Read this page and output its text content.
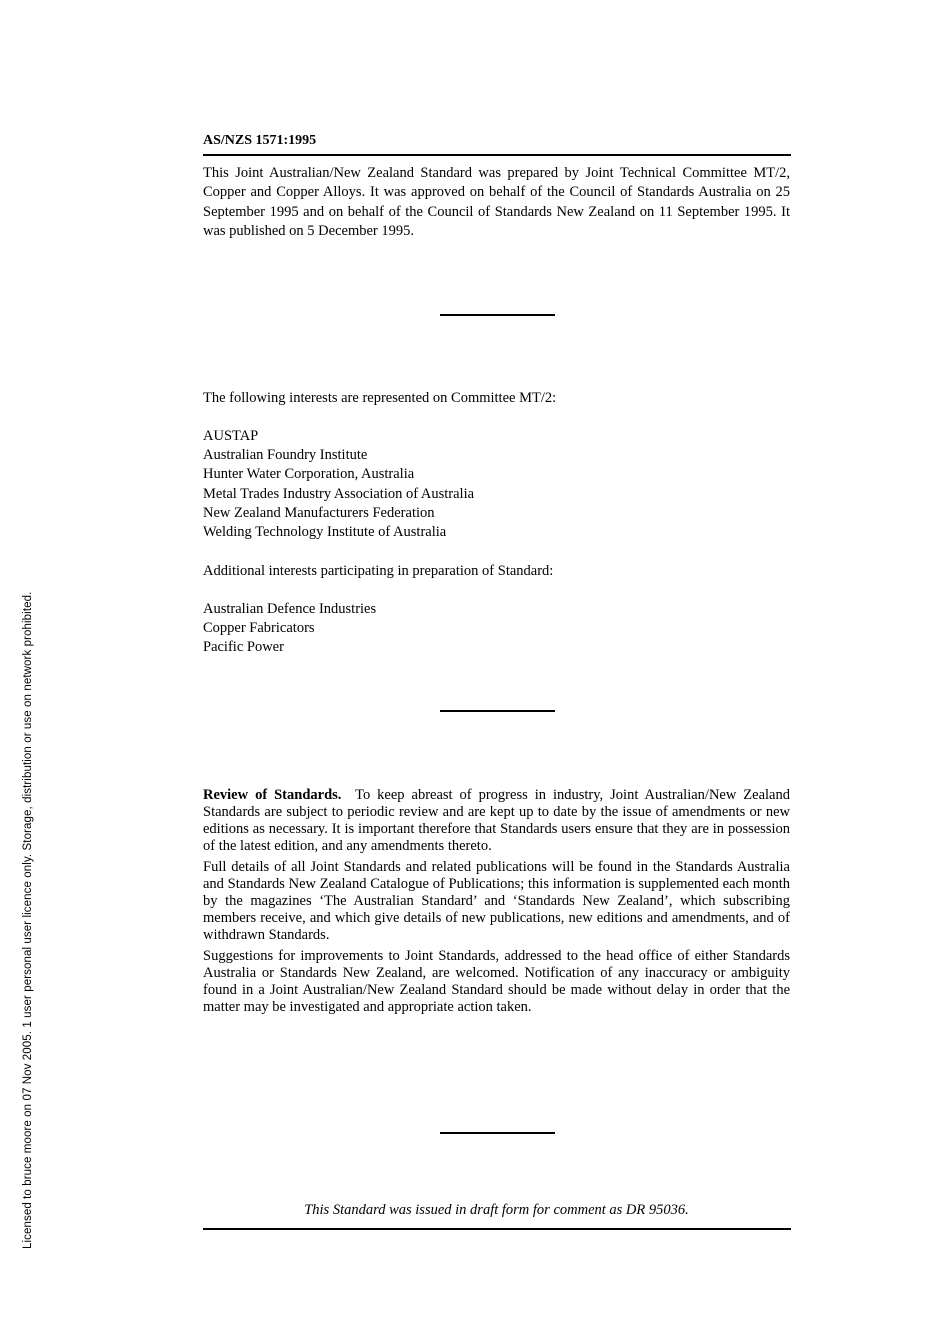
Licensed to bruce moore on 07 Nov 2005. 1 user personal user licence only. Storage, distribution or use on network prohibited.
AS/NZS 1571:1995
This Joint Australian/New Zealand Standard was prepared by Joint Technical Committee MT/2, Copper and Copper Alloys. It was approved on behalf of the Council of Standards Australia on 25 September 1995 and on behalf of the Council of Standards New Zealand on 11 September 1995. It was published on 5 December 1995.
The following interests are represented on Committee MT/2:
AUSTAP
Australian Foundry Institute
Hunter Water Corporation, Australia
Metal Trades Industry Association of Australia
New Zealand Manufacturers Federation
Welding Technology Institute of Australia
Additional interests participating in preparation of Standard:
Australian Defence Industries
Copper Fabricators
Pacific Power

Review of Standards. To keep abreast of progress in industry, Joint Australian/New Zealand Standards are subject to periodic review and are kept up to date by the issue of amendments or new editions as necessary. It is important therefore that Standards users ensure that they are in possession of the latest edition, and any amendments thereto.

Full details of all Joint Standards and related publications will be found in the Standards Australia and Standards New Zealand Catalogue of Publications; this information is supplemented each month by the magazines ‘The Australian Standard’ and ‘Standards New Zealand’, which subscribing members receive, and which give details of new publications, new editions and amendments, and of withdrawn Standards.

Suggestions for improvements to Joint Standards, addressed to the head office of either Standards Australia or Standards New Zealand, are welcomed. Notification of any inaccuracy or ambiguity found in a Joint Australian/New Zealand Standard should be made without delay in order that the matter may be investigated and appropriate action taken.

This Standard was issued in draft form for comment as DR 95036.
